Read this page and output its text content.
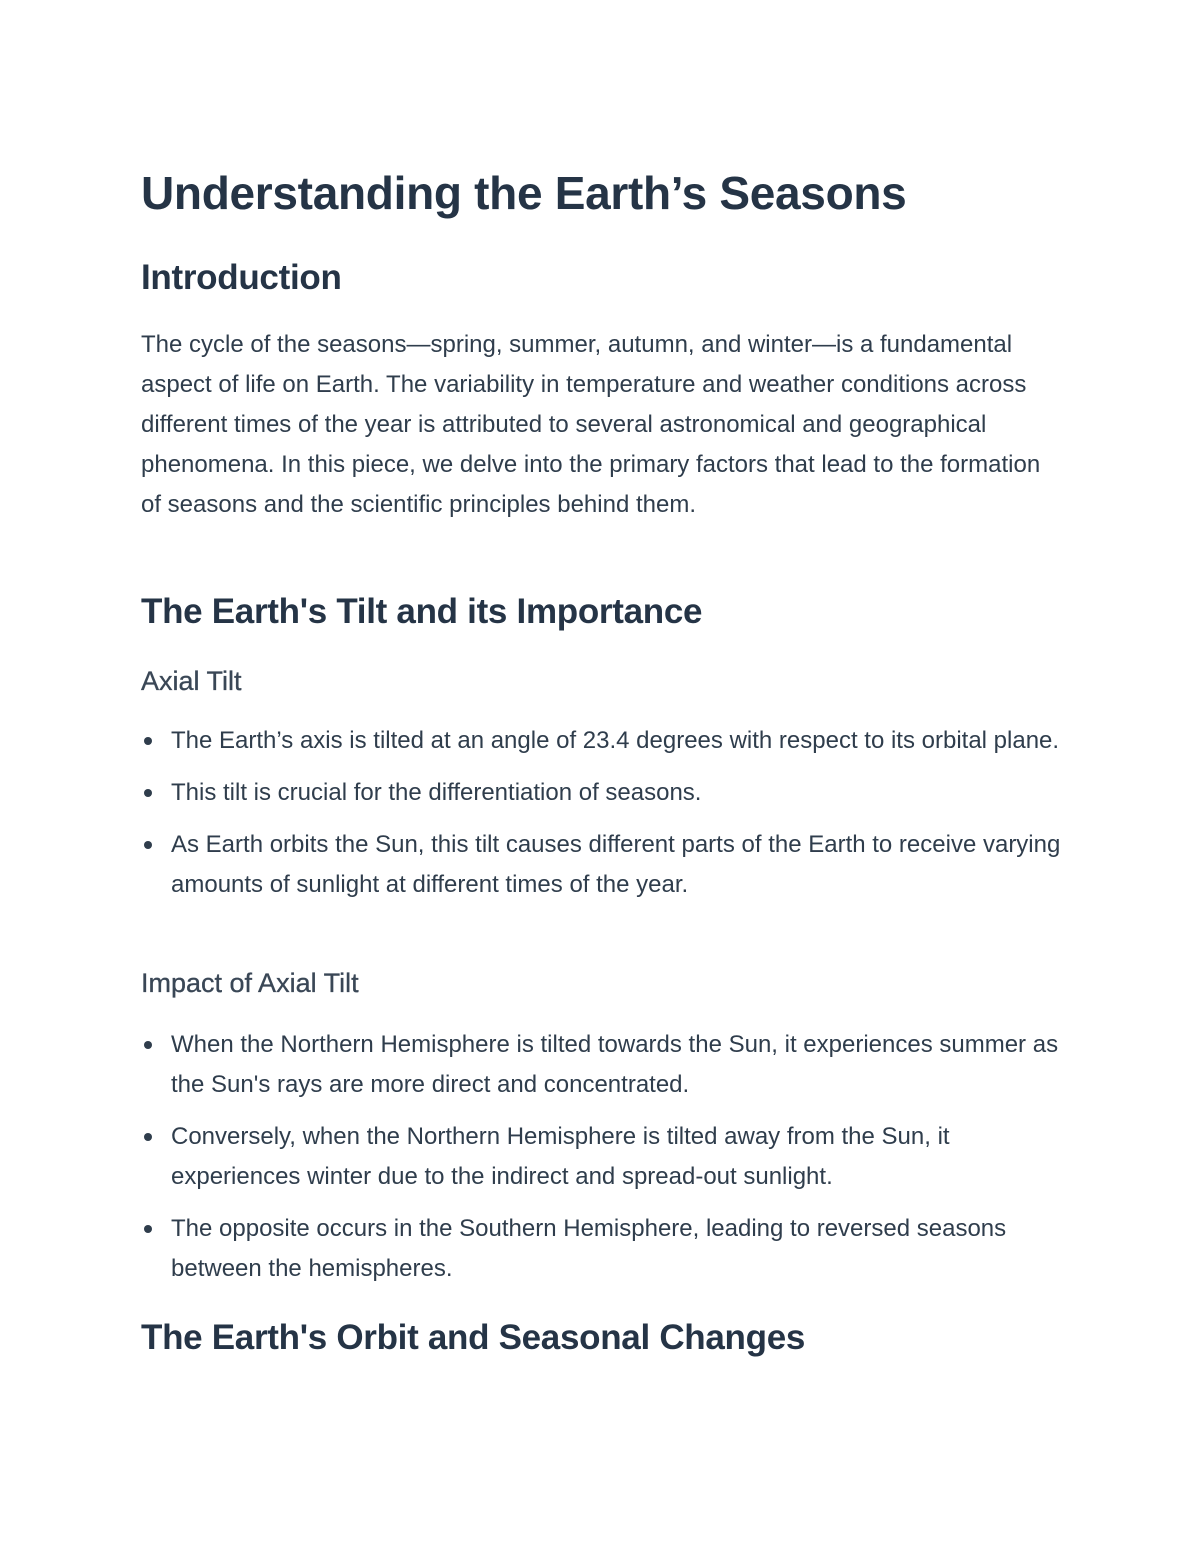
Understanding the Earth’s Seasons
Introduction

The cycle of the seasons—spring, summer, autumn, and winter—is a fundamental aspect of life on Earth. The variability in temperature and weather conditions across different times of the year is attributed to several astronomical and geographical phenomena. In this piece, we delve into the primary factors that lead to the formation of seasons and the scientific principles behind them.

The Earth's Tilt and its Importance
Axial Tilt
The Earth’s axis is tilted at an angle of 23.4 degrees with respect to its orbital plane.
This tilt is crucial for the differentiation of seasons.
As Earth orbits the Sun, this tilt causes different parts of the Earth to receive varying amounts of sunlight at different times of the year.
Impact of Axial Tilt
When the Northern Hemisphere is tilted towards the Sun, it experiences summer as the Sun's rays are more direct and concentrated.
Conversely, when the Northern Hemisphere is tilted away from the Sun, it experiences winter due to the indirect and spread-out sunlight.
The opposite occurs in the Southern Hemisphere, leading to reversed seasons between the hemispheres.
The Earth's Orbit and Seasonal Changes
